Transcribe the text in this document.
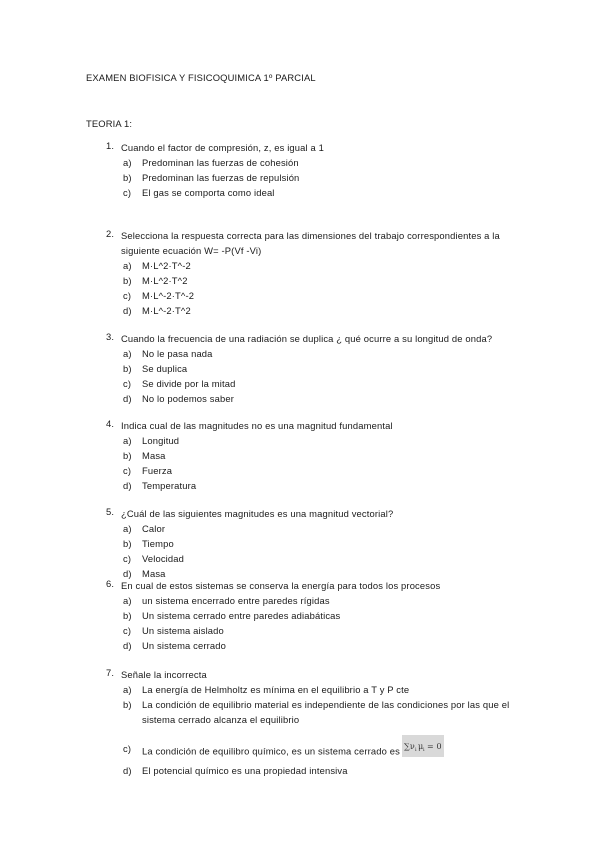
EXAMEN BIOFISICA Y FISICOQUIMICA 1º PARCIAL
TEORIA 1:
1. Cuando el factor de compresión, z, es igual a 1
a) Predominan las fuerzas de cohesión
b) Predominan las fuerzas de repulsión
c) El gas se comporta como ideal
2. Selecciona la respuesta correcta para las dimensiones del trabajo correspondientes a la siguiente ecuación W= -P(Vf -Vi)
a) M·L^2·T^-2
b) M·L^2·T^2
c) M·L^-2·T^-2
d) M·L^-2·T^2
3. Cuando la frecuencia de una radiación se duplica ¿ qué ocurre a su longitud de onda?
a) No le pasa nada
b) Se duplica
c) Se divide por la mitad
d) No lo podemos saber
4. Indica cual de las magnitudes no es una magnitud fundamental
a) Longitud
b) Masa
c) Fuerza
d) Temperatura
5. ¿Cuál de las siguientes magnitudes es una magnitud vectorial?
a) Calor
b) Tiempo
c) Velocidad
d) Masa
6. En cual de estos sistemas se conserva la energía para todos los procesos
a) un sistema encerrado entre paredes rígidas
b) Un sistema cerrado entre paredes adiabáticas
c) Un sistema aislado
d) Un sistema cerrado
7. Señale la incorrecta
a) La energía de Helmholtz es mínima en el equilibrio a T y P cte
b) La condición de equilibrio material es independiente de las condiciones por las que el sistema cerrado alcanza el equilibrio
c) La condición de equilibro químico, es un sistema cerrado es ∑ν i μ i = 0
d) El potencial químico es una propiedad intensiva
